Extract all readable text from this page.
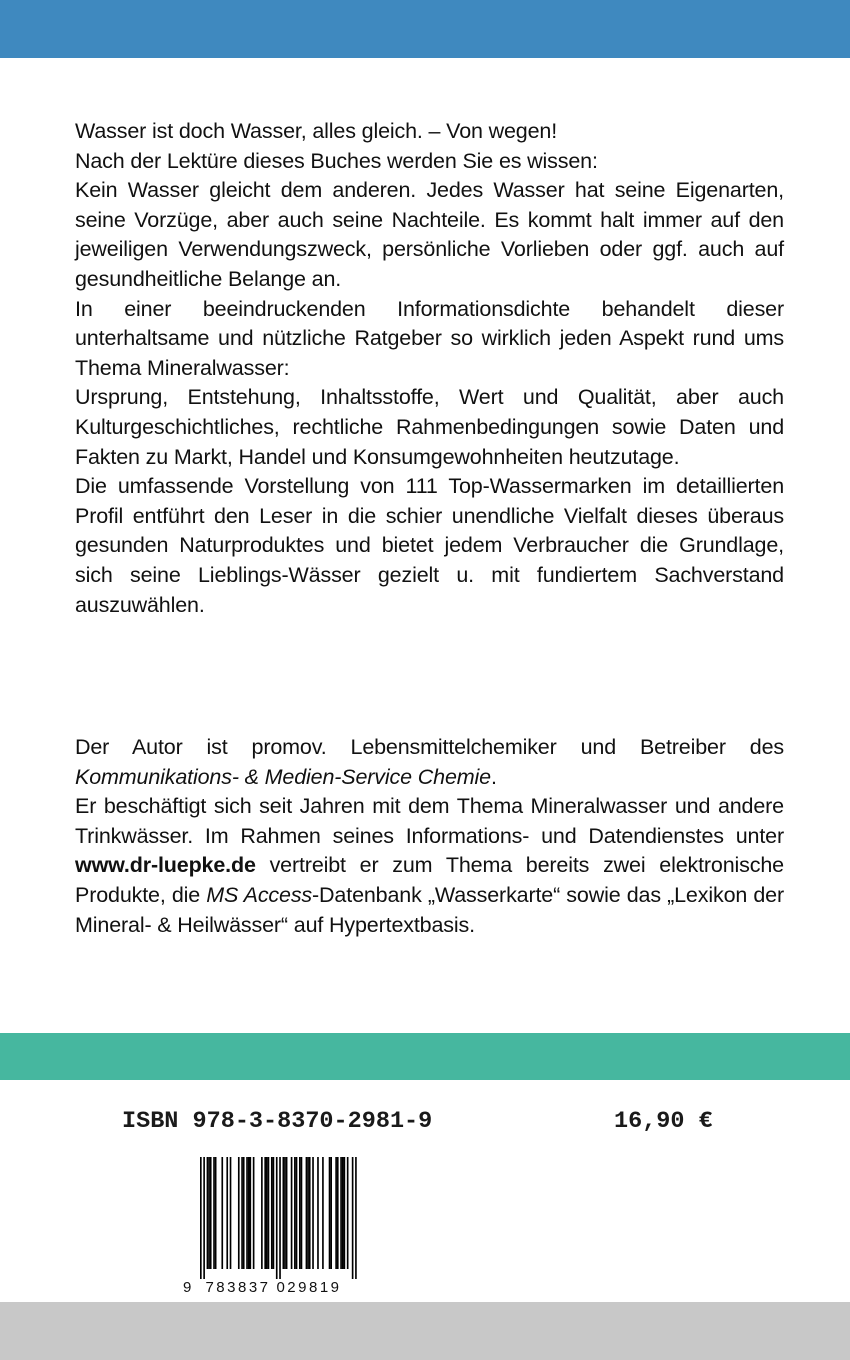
Wasser ist doch Wasser, alles gleich. – Von wegen!

Nach der Lektüre dieses Buches werden Sie es wissen:

Kein Wasser gleicht dem anderen. Jedes Wasser hat seine Eigenarten, seine Vorzüge, aber auch seine Nachteile. Es kommt halt immer auf den jeweiligen Verwendungszweck, persönliche Vorlieben oder ggf. auch auf gesundheitliche Belange an.

In einer beeindruckenden Informationsdichte behandelt dieser unterhaltsame und nützliche Ratgeber so wirklich jeden Aspekt rund ums Thema Mineralwasser:

Ursprung, Entstehung, Inhaltsstoffe, Wert und Qualität, aber auch Kulturgeschichtliches, rechtliche Rahmenbedingungen sowie Daten und Fakten zu Markt, Handel und Konsumgewohnheiten heutzutage.

Die umfassende Vorstellung von 111 Top-Wassermarken im detaillierten Profil entführt den Leser in die schier unendliche Vielfalt dieses überaus gesunden Naturproduktes und bietet jedem Verbraucher die Grundlage, sich seine Lieblings-Wässer gezielt u. mit fundiertem Sachverstand auszuwählen.

Der Autor ist promov. Lebensmittelchemiker und Betreiber des Kommunikations- & Medien-Service Chemie.

Er beschäftigt sich seit Jahren mit dem Thema Mineralwasser und andere Trinkwässer. Im Rahmen seines Informations- und Datendienstes unter www.dr-luepke.de vertreibt er zum Thema bereits zwei elektronische Produkte, die MS Access-Datenbank „Wasserkarte“ sowie das „Lexikon der Mineral- & Heilwässer“ auf Hypertextbasis.

ISBN 978-3-8370-2981-9	16,90 €
9 783837 029819
